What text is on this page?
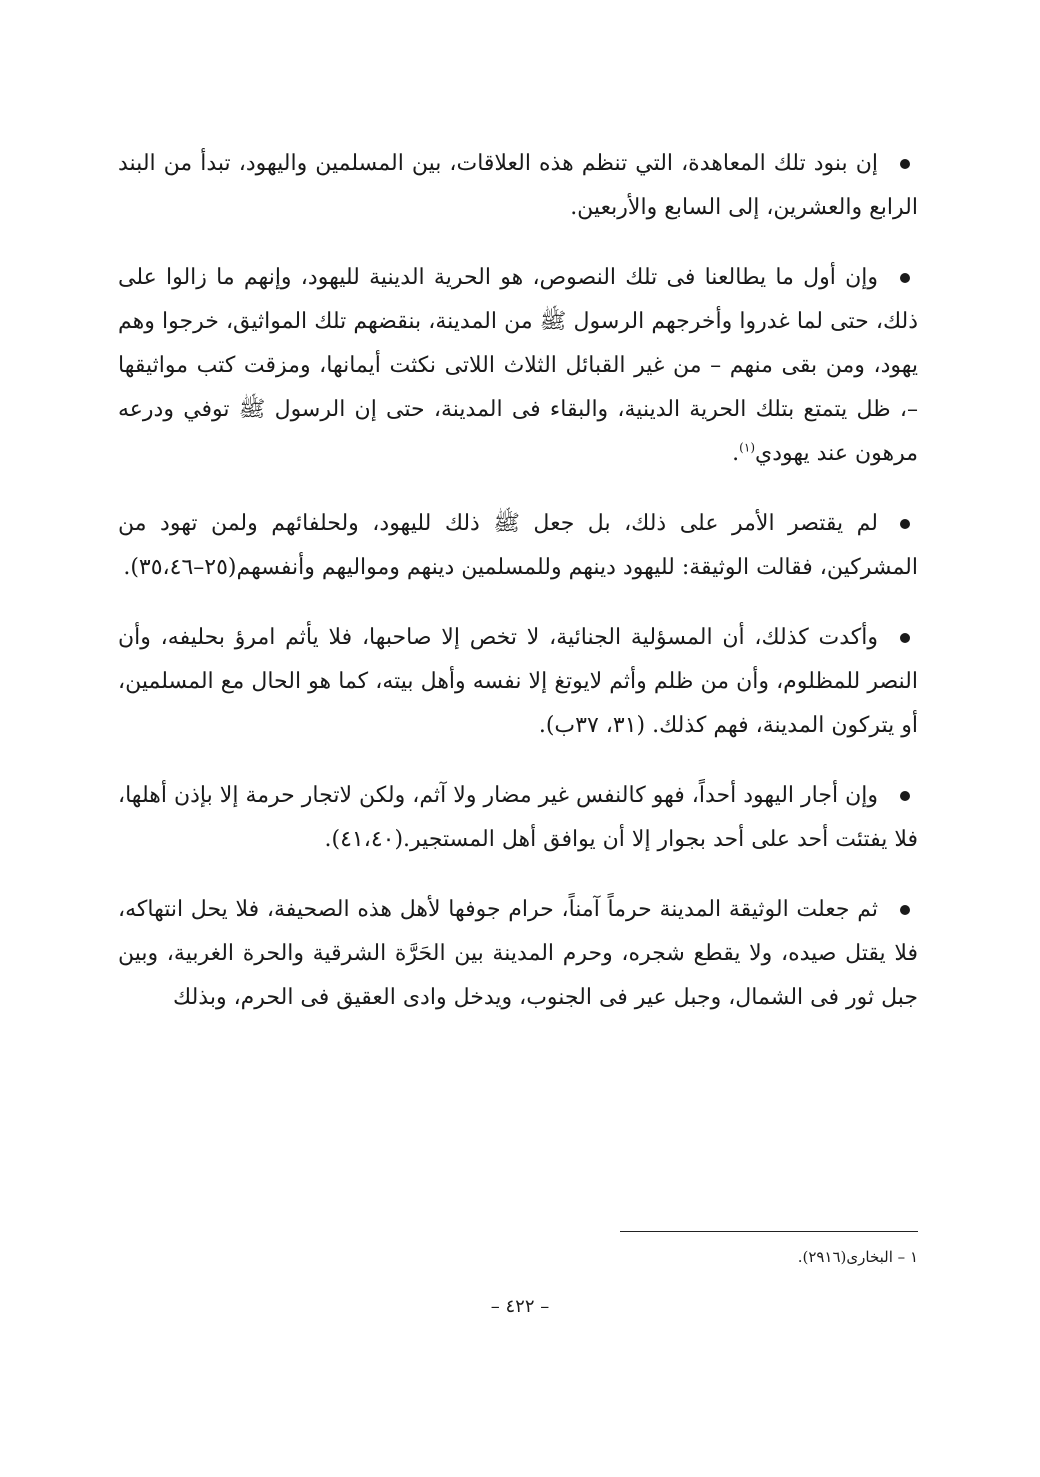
إن بنود تلك المعاهدة، التي تنظم هذه العلاقات، بين المسلمين واليهود، تبدأ من البند الرابع والعشرين، إلى السابع والأربعين.

وإن أول ما يطالعنا فى تلك النصوص، هو الحرية الدينية لليهود، وإنهم ما زالوا على ذلك، حتى لما غدروا وأخرجهم الرسول ﷺ من المدينة، بنقضهم تلك المواثيق، خرجوا وهم يهود، ومن بقى منهم – من غير القبائل الثلاث اللاتى نكثت أيمانها، ومزقت كتب مواثيقها –، ظل يتمتع بتلك الحرية الدينية، والبقاء فى المدينة، حتى إن الرسول ﷺ توفي ودرعه مرهون عند يهودي$^{(١)}$.

لم يقتصر الأمر على ذلك، بل جعل ﷺ ذلك لليهود، ولحلفائهم ولمن تهود من المشركين، فقالت الوثيقة: لليهود دينهم وللمسلمين دينهم ومواليهم وأنفسهم(٢٥–٣٥،٤٦).

وأكدت كذلك، أن المسؤلية الجنائية، لا تخص إلا صاحبها، فلا يأثم امرؤ بحليفه، وأن النصر للمظلوم، وأن من ظلم وأثم لايوتغ إلا نفسه وأهل بيته، كما هو الحال مع المسلمين، أو يتركون المدينة، فهم كذلك. (٣١، ٣٧ب).

وإن أجار اليهود أحداً، فهو كالنفس غير مضار ولا آثم، ولكن لاتجار حرمة إلا بإذن أهلها، فلا يفتئت أحد على أحد بجوار إلا أن يوافق أهل المستجير.(٤١،٤٠).

ثم جعلت الوثيقة المدينة حرماً آمناً، حرام جوفها لأهل هذه الصحيفة، فلا يحل انتهاكه، فلا يقتل صيده، ولا يقطع شجره، وحرم المدينة بين الحَرَّة الشرقية والحرة الغربية، وبين جبل ثور فى الشمال، وجبل عير فى الجنوب، ويدخل وادى العقيق فى الحرم، وبذلك

١ – البخارى(٢٩١٦).
– ٤٢٢ –
